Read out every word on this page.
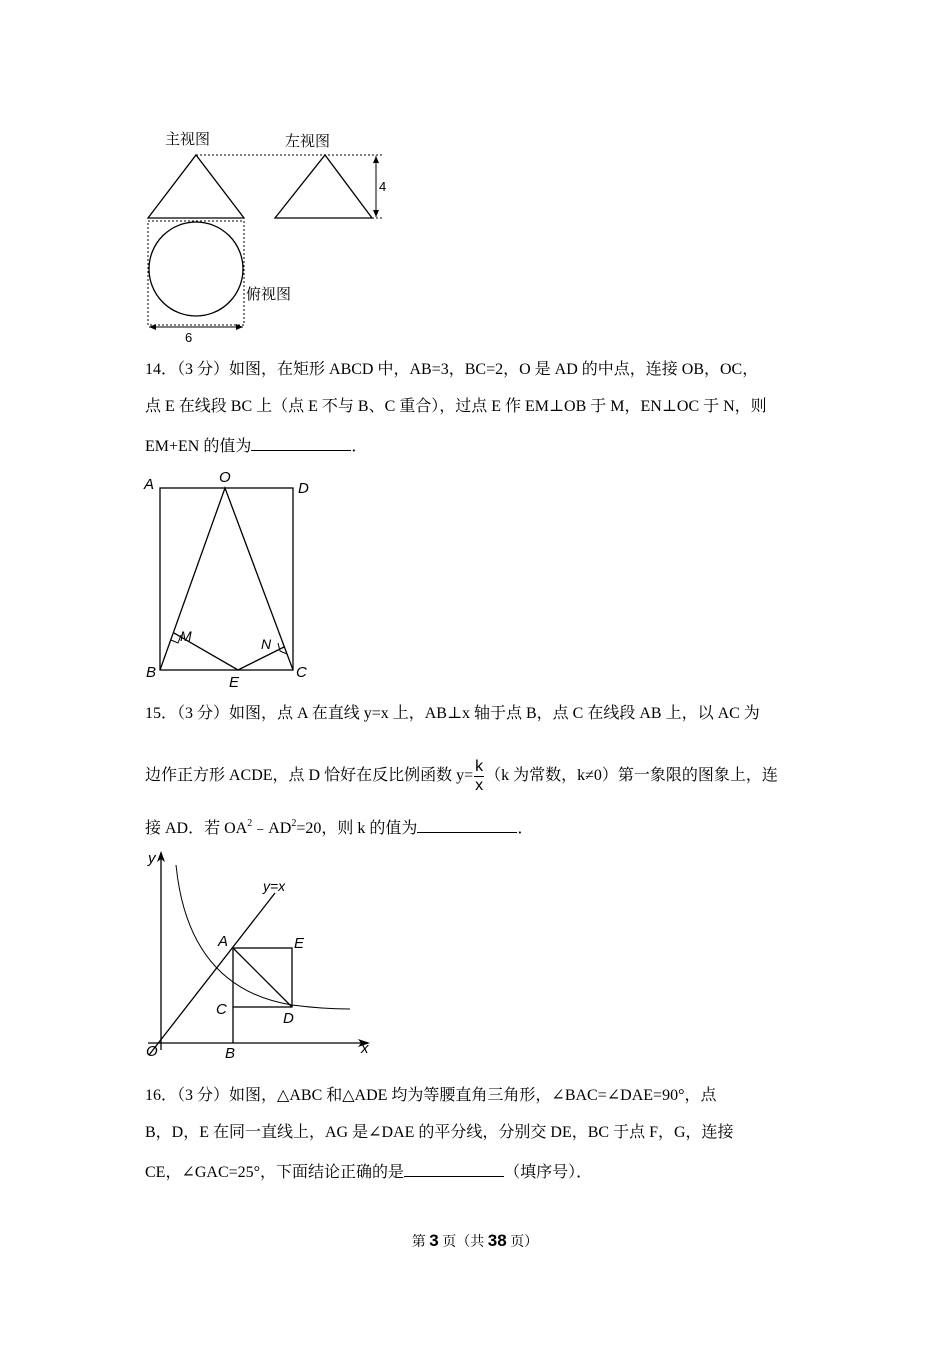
主视图	左视图
4
俯视图
6
14．（3 分）如图，在矩形 ABCD 中，AB=3，BC=2，O 是 AD 的中点，连接 OB，OC，
点 E 在线段 BC 上（点 E 不与 B、C 重合），过点 E 作 EM⊥OB 于 M，EN⊥OC 于 N，则
EM+EN 的值为	．
A	O
D
M	N
B
E
C
15．（3 分）如图，点 A 在直线 y=x 上，AB⊥x 轴于点 B，点 C 在线段 AB 上，以 AC 为
边作正方形 ACDE，点 D 恰好在反比例函数 $y= \frac{k}{x} (k$ 为常数，k≠0）第一象限的图象上，连
接 AD．若 $OA^2﹣AD^2=20$，则 k 的值为	．
y
y=x
A	E
C
D
O	B	x
16．（3 分）如图，△ABC 和△ADE 均为等腰直角三角形，∠BAC=∠DAE=90°，点
B，D，E 在同一直线上，AG 是∠DAE 的平分线，分别交 DE，BC 于点 F，G，连接
CE，∠GAC=25°，下面结论正确的是	（填序号）．
第 3 页（共 38 页）
